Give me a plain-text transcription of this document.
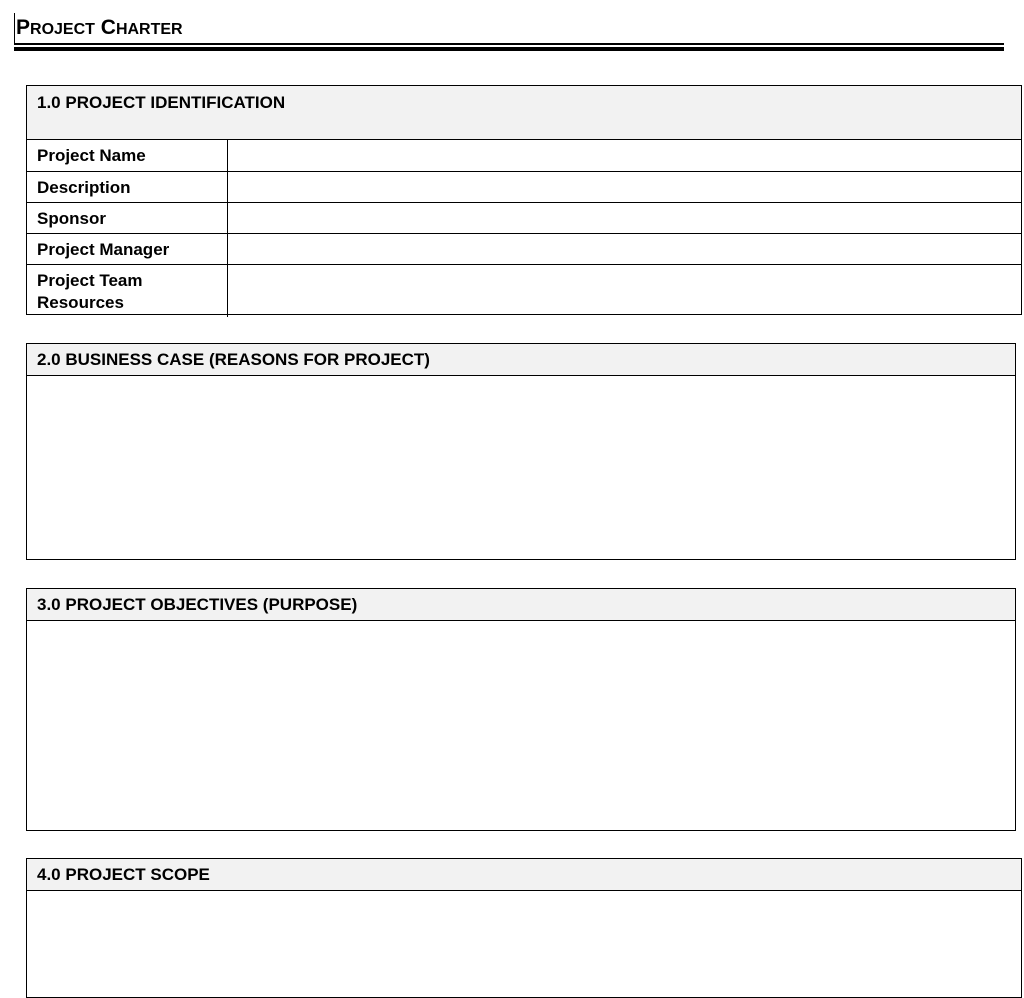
PROJECT CHARTER
1.0 PROJECT IDENTIFICATION
Project Name	
Description	
Sponsor	
Project Manager	
Project Team Resources	
2.0 BUSINESS CASE (REASONS FOR PROJECT)
3.0 PROJECT OBJECTIVES (PURPOSE)
4.0 PROJECT SCOPE
